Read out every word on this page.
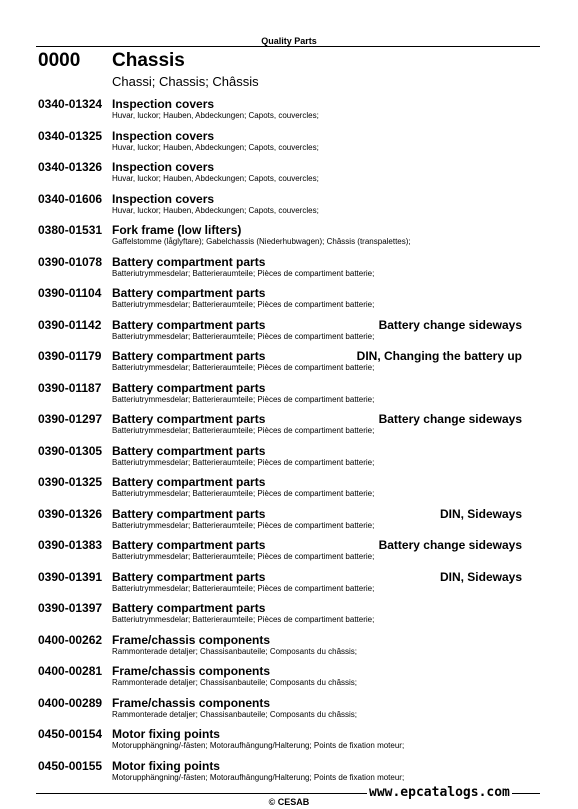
Quality Parts
0000 Chassis
Chassi; Chassis; Châssis
0340-01324 Inspection covers
Huvar, luckor; Hauben, Abdeckungen; Capots, couvercles;
0340-01325 Inspection covers
Huvar, luckor; Hauben, Abdeckungen; Capots, couvercles;
0340-01326 Inspection covers
Huvar, luckor; Hauben, Abdeckungen; Capots, couvercles;
0340-01606 Inspection covers
Huvar, luckor; Hauben, Abdeckungen; Capots, couvercles;
0380-01531 Fork frame (low lifters)
Gaffelstomme (låglyftare); Gabelchassis (Niederhubwagen); Châssis (transpalettes);
0390-01078 Battery compartment parts
Batteriutrymmesdelar; Batterieraumteile; Pièces de compartiment batterie;
0390-01104 Battery compartment parts
Batteriutrymmesdelar; Batterieraumteile; Pièces de compartiment batterie;
0390-01142 Battery compartment parts	Battery change sideways
Batteriutrymmesdelar; Batterieraumteile; Pièces de compartiment batterie;
0390-01179 Battery compartment parts	DIN, Changing the battery up
Batteriutrymmesdelar; Batterieraumteile; Pièces de compartiment batterie;
0390-01187 Battery compartment parts
Batteriutrymmesdelar; Batterieraumteile; Pièces de compartiment batterie;
0390-01297 Battery compartment parts	Battery change sideways
Batteriutrymmesdelar; Batterieraumteile; Pièces de compartiment batterie;
0390-01305 Battery compartment parts
Batteriutrymmesdelar; Batterieraumteile; Pièces de compartiment batterie;
0390-01325 Battery compartment parts
Batteriutrymmesdelar; Batterieraumteile; Pièces de compartiment batterie;
0390-01326 Battery compartment parts	DIN, Sideways
Batteriutrymmesdelar; Batterieraumteile; Pièces de compartiment batterie;
0390-01383 Battery compartment parts	Battery change sideways
Batteriutrymmesdelar; Batterieraumteile; Pièces de compartiment batterie;
0390-01391 Battery compartment parts	DIN, Sideways
Batteriutrymmesdelar; Batterieraumteile; Pièces de compartiment batterie;
0390-01397 Battery compartment parts
Batteriutrymmesdelar; Batterieraumteile; Pièces de compartiment batterie;
0400-00262 Frame/chassis components
Rammonterade detaljer; Chassisanbauteile; Composants du châssis;
0400-00281 Frame/chassis components
Rammonterade detaljer; Chassisanbauteile; Composants du châssis;
0400-00289 Frame/chassis components
Rammonterade detaljer; Chassisanbauteile; Composants du châssis;
0450-00154 Motor fixing points
Motorupphängning/-fästen; Motoraufhängung/Halterung; Points de fixation moteur;
0450-00155 Motor fixing points
Motorupphängning/-fästen; Motoraufhängung/Halterung; Points de fixation moteur;
© CESAB
www.epcatalogs.com
